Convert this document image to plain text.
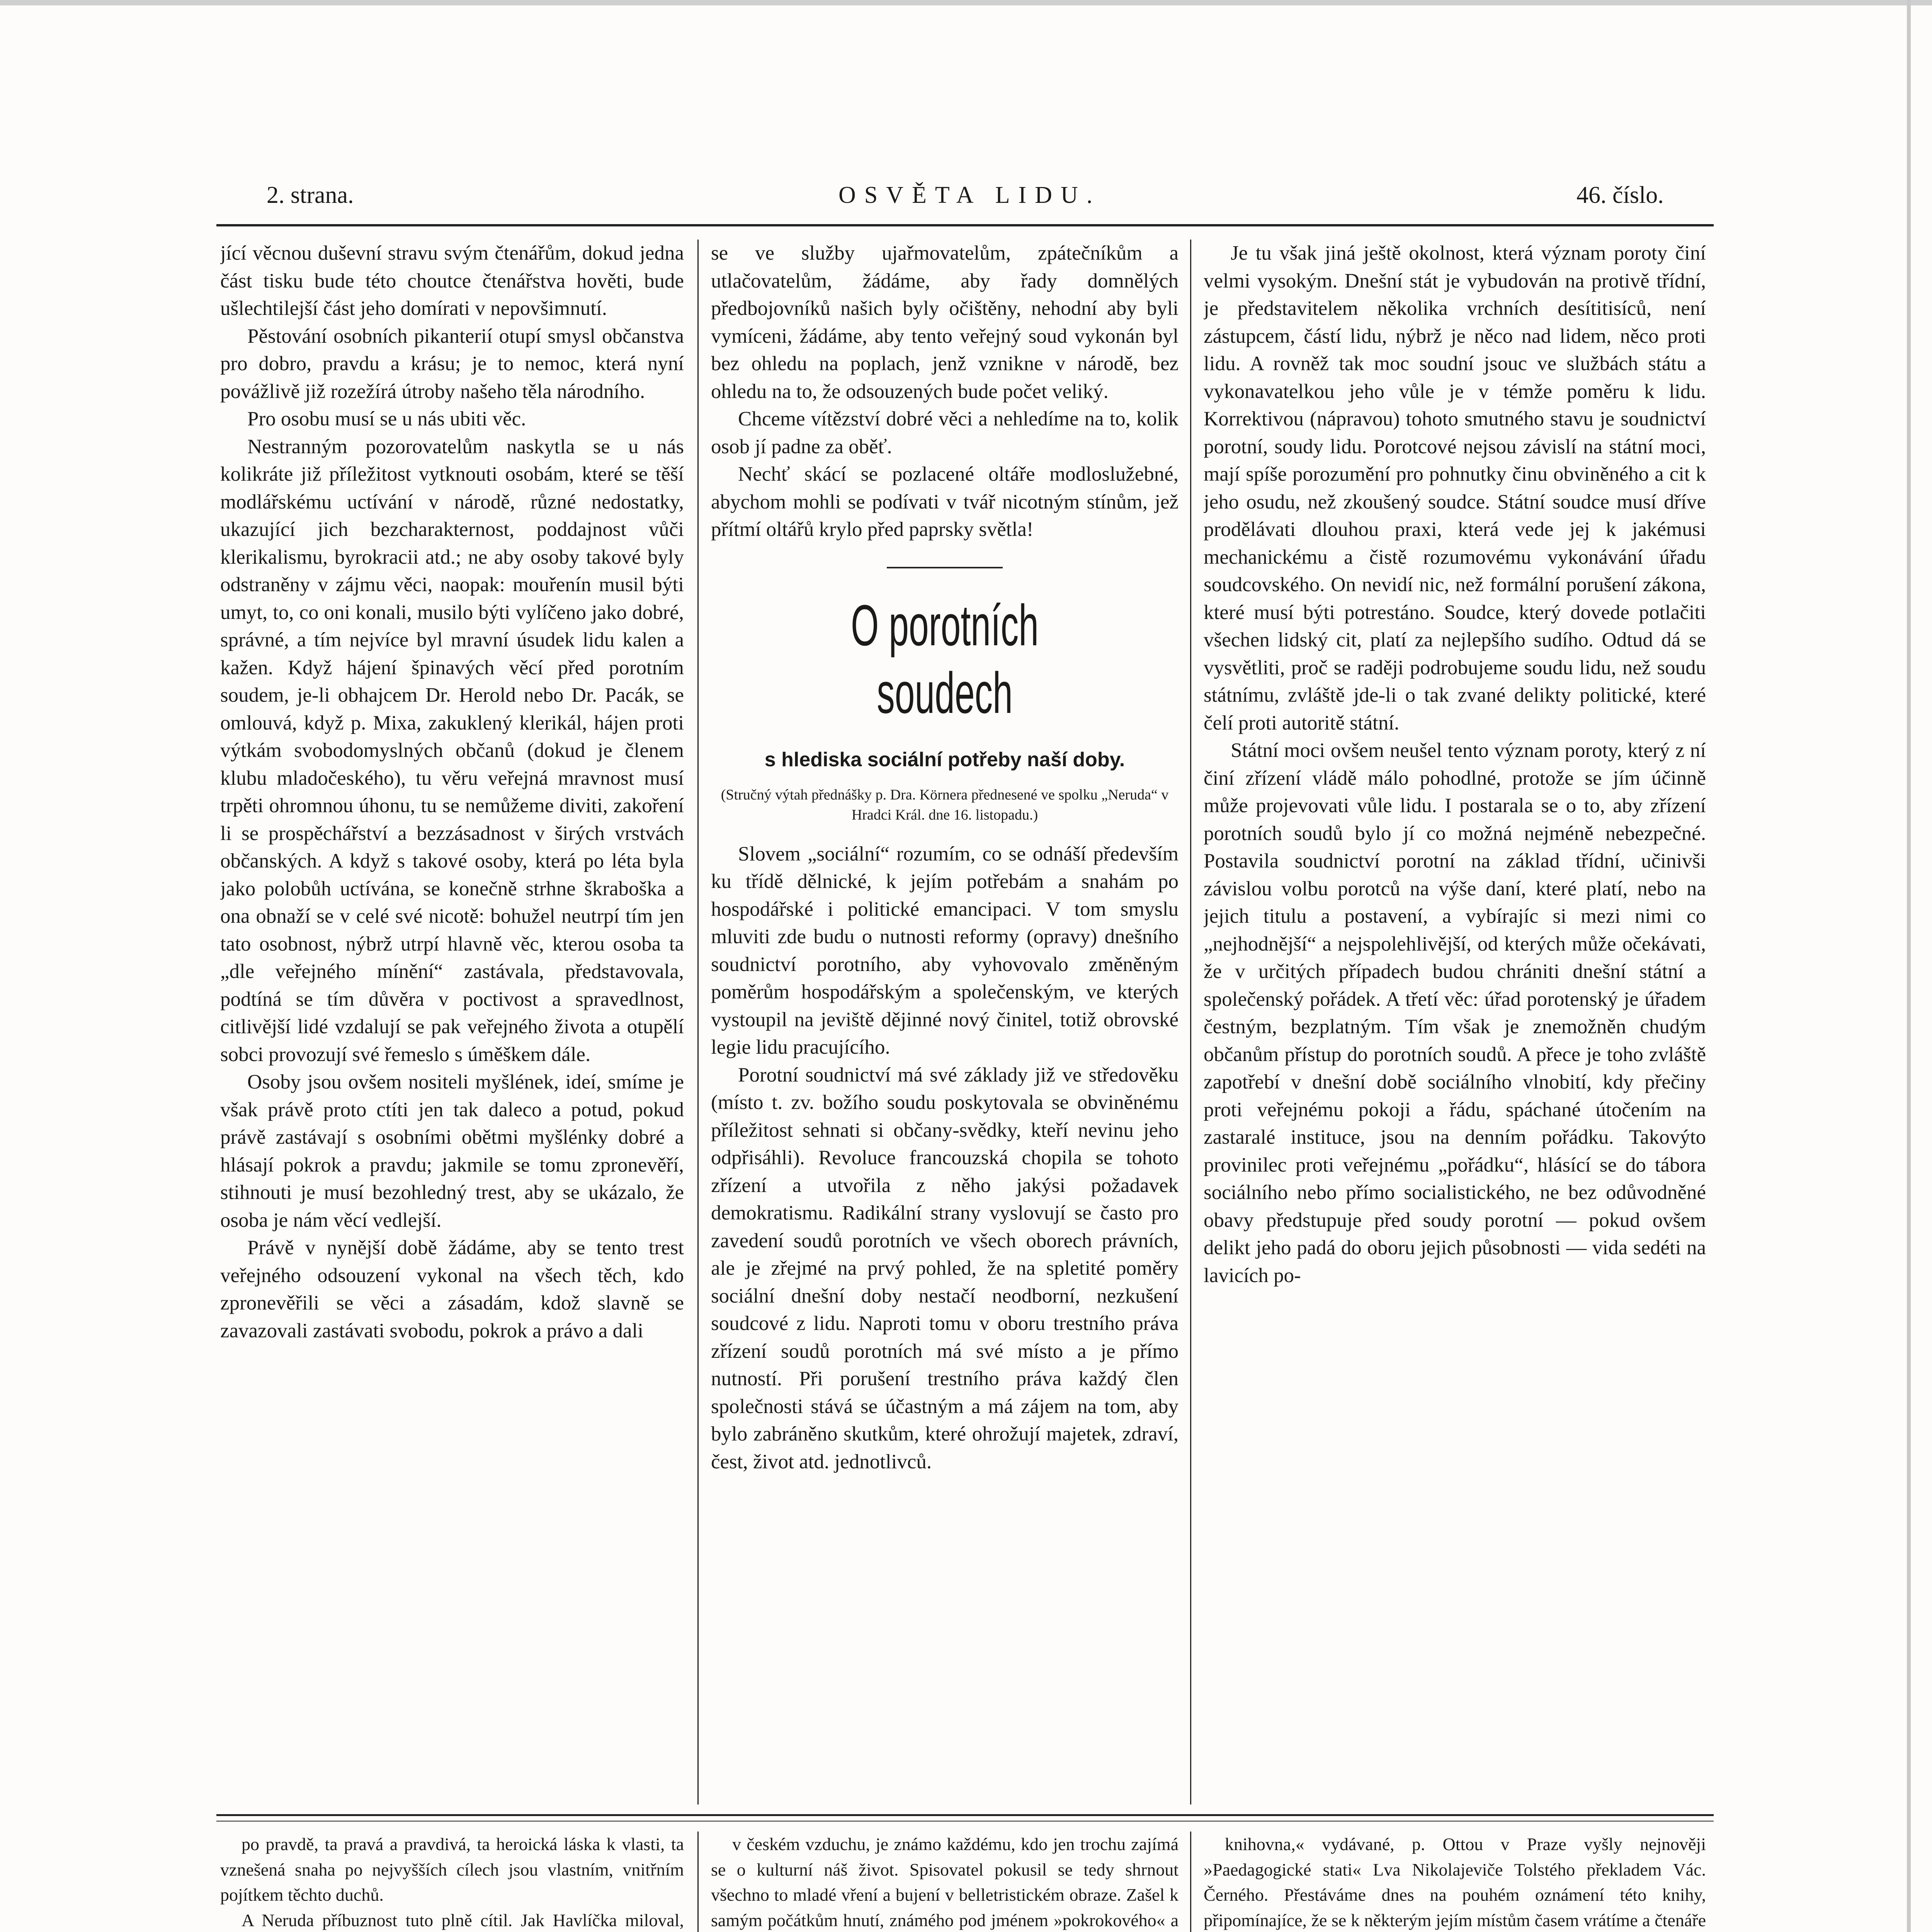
2. strana.	OSVĚTA LIDU.	46. číslo.

jící věcnou duševní stravu svým čtenářům, dokud jedna část tisku bude této choutce čtenářstva hověti, bude ušlechtilejší část jeho domírati v nepovšimnutí.

Pěstování osobních pikanterií otupí smysl občanstva pro dobro, pravdu a krásu; je to nemoc, která nyní povážlivě již rozežírá útroby našeho těla národního.

Pro osobu musí se u nás ubiti věc.

Nestranným pozorovatelům naskytla se u nás kolikráte již příležitost vytknouti osobám, které se těší modlářskému uctívání v národě, různé nedostatky, ukazující jich bezcharakternost, poddajnost vůči klerikalismu, byrokracii atd.; ne aby osoby takové byly odstraněny v zájmu věci, naopak: mouřenín musil býti umyt, to, co oni konali, musilo býti vylíčeno jako dobré, správné, a tím nejvíce byl mravní úsudek lidu kalen a kažen. Když hájení špinavých věcí před porotním soudem, je-li obhajcem Dr. Herold nebo Dr. Pacák, se omlouvá, když p. Mixa, zakuklený klerikál, hájen proti výtkám svobodomyslných občanů (dokud je členem klubu mladočeského), tu věru veřejná mravnost musí trpěti ohromnou úhonu, tu se nemůžeme diviti, zakoření li se prospěchářství a bezzásadnost v širých vrstvách občanských. A když s takové osoby, která po léta byla jako polobůh uctívána, se konečně strhne škraboška a ona obnaží se v celé své nicotě: bohužel neutrpí tím jen tato osobnost, nýbrž utrpí hlavně věc, kterou osoba ta „dle veřejného mínění“ zastávala, představovala, podtíná se tím důvěra v poctivost a spravedlnost, citlivější lidé vzdalují se pak veřejného života a otupělí sobci provozují své řemeslo s úměškem dále.

Osoby jsou ovšem nositeli myšlének, ideí, smíme je však právě proto ctíti jen tak daleco a potud, pokud právě zastávají s osobními obětmi myšlénky dobré a hlásají pokrok a pravdu; jakmile se tomu zpronevěří, stihnouti je musí bezohledný trest, aby se ukázalo, že osoba je nám věcí vedlejší.

Právě v nynější době žádáme, aby se tento trest veřejného odsouzení vykonal na všech těch, kdo zpronevěřili se věci a zásadám, kdož slavně se zavazovali zastávati svobodu, pokrok a právo a dali

se ve služby ujařmovatelům, zpátečníkům a utlačovatelům, žádáme, aby řady domnělých předbojovníků našich byly očištěny, nehodní aby byli vymíceni, žádáme, aby tento veřejný soud vykonán byl bez ohledu na poplach, jenž vznikne v národě, bez ohledu na to, že odsouzených bude počet veliký.

Chceme vítězství dobré věci a nehledíme na to, kolik osob jí padne za oběť.

Nechť skácí se pozlacené oltáře modloslužebné, abychom mohli se podívati v tvář nicotným stínům, jež přítmí oltářů krylo před paprsky světla!

O porotních soudech
s hlediska sociální potřeby naší doby.
(Stručný výtah přednášky p. Dra. Körnera přednesené ve spolku „Neruda“ v Hradci Král. dne 16. listopadu.)

Slovem „sociální“ rozumím, co se odnáší především ku třídě dělnické, k jejím potřebám a snahám po hospodářské i politické emancipaci. V tom smyslu mluviti zde budu o nutnosti reformy (opravy) dnešního soudnictví porotního, aby vyhovovalo změněným poměrům hospodářským a společenským, ve kterých vystoupil na jeviště dějinné nový činitel, totiž obrovské legie lidu pracujícího.

Porotní soudnictví má své základy již ve středověku (místo t. zv. božího soudu poskytovala se obviněnému příležitost sehnati si občany-svědky, kteří nevinu jeho odpřisáhli). Revoluce francouzská chopila se tohoto zřízení a utvořila z něho jakýsi požadavek demokratismu. Radikální strany vyslovují se často pro zavedení soudů porotních ve všech oborech právních, ale je zřejmé na prvý pohled, že na spletité poměry sociální dnešní doby nestačí neodborní, nezkušení soudcové z lidu. Naproti tomu v oboru trestního práva zřízení soudů porotních má své místo a je přímo nutností. Při porušení trestního práva každý člen společnosti stává se účastným a má zájem na tom, aby bylo zabráněno skutkům, které ohrožují majetek, zdraví, čest, život atd. jednotlivců.

Je tu však jiná ještě okolnost, která význam poroty činí velmi vysokým. Dnešní stát je vybudován na protivě třídní, je představitelem několika vrchních desítitisíců, není zástupcem, částí lidu, nýbrž je něco nad lidem, něco proti lidu. A rovněž tak moc soudní jsouc ve službách státu a vykonavatelkou jeho vůle je v témže poměru k lidu. Korrektivou (nápravou) tohoto smutného stavu je soudnictví porotní, soudy lidu. Porotcové nejsou závislí na státní moci, mají spíše porozumění pro pohnutky činu obviněného a cit k jeho osudu, než zkoušený soudce. Státní soudce musí dříve prodělávati dlouhou praxi, která vede jej k jakémusi mechanickému a čistě rozumovému vykonávání úřadu soudcovského. On nevidí nic, než formální porušení zákona, které musí býti potrestáno. Soudce, který dovede potlačiti všechen lidský cit, platí za nejlepšího sudího. Odtud dá se vysvětliti, proč se raději podrobujeme soudu lidu, než soudu státnímu, zvláště jde-li o tak zvané delikty politické, které čelí proti autoritě státní.

Státní moci ovšem neušel tento význam poroty, který z ní činí zřízení vládě málo pohodlné, protože se jím účinně může projevovati vůle lidu. I postarala se o to, aby zřízení porotních soudů bylo jí co možná nejméně nebezpečné. Postavila soudnictví porotní na základ třídní, učinivši závislou volbu porotců na výše daní, které platí, nebo na jejich titulu a postavení, a vybírajíc si mezi nimi co „nejhodnější“ a nejspolehlivější, od kterých může očekávati, že v určitých případech budou chrániti dnešní státní a společenský pořádek. A třetí věc: úřad porotenský je úřadem čestným, bezplatným. Tím však je znemožněn chudým občanům přístup do porotních soudů. A přece je toho zvláště zapotřebí v dnešní době sociálního vlnobití, kdy přečiny proti veřejnému pokoji a řádu, spáchané útočením na zastaralé instituce, jsou na denním pořádku. Takovýto provinilec proti veřejnému „pořádku“, hlásící se do tábora sociálního nebo přímo socialistického, ne bez odůvodněné obavy předstupuje před soudy porotní — pokud ovšem delikt jeho padá do oboru jejich působnosti — vida sedéti na lavicích po-

po pravdě, ta pravá a pravdivá, ta heroická láska k vlasti, ta vznešená snaha po nejvyšších cílech jsou vlastním, vnitřním pojítkem těchto duchů.

A Neruda příbuznost tuto plně cítil. Jak Havlíčka miloval,

v českém vzduchu, je známo každému, kdo jen trochu zajímá se o kulturní náš život. Spisovatel pokusil se tedy shrnout všechno to mladé vření a bujení v belletristickém obraze. Zašel k samým počátkům hnutí, známého pod jménem »pokrokového« a

knihovna,« vydávané, p. Ottou v Praze vyšly nejnověji »Paedagogické stati« Lva Nikolajeviče Tolstého překladem Vác. Černého. Přestáváme dnes na pouhém oznámení této knihy, připomínajíce, že se k některým jejím místům časem vrátíme a čtenáře
